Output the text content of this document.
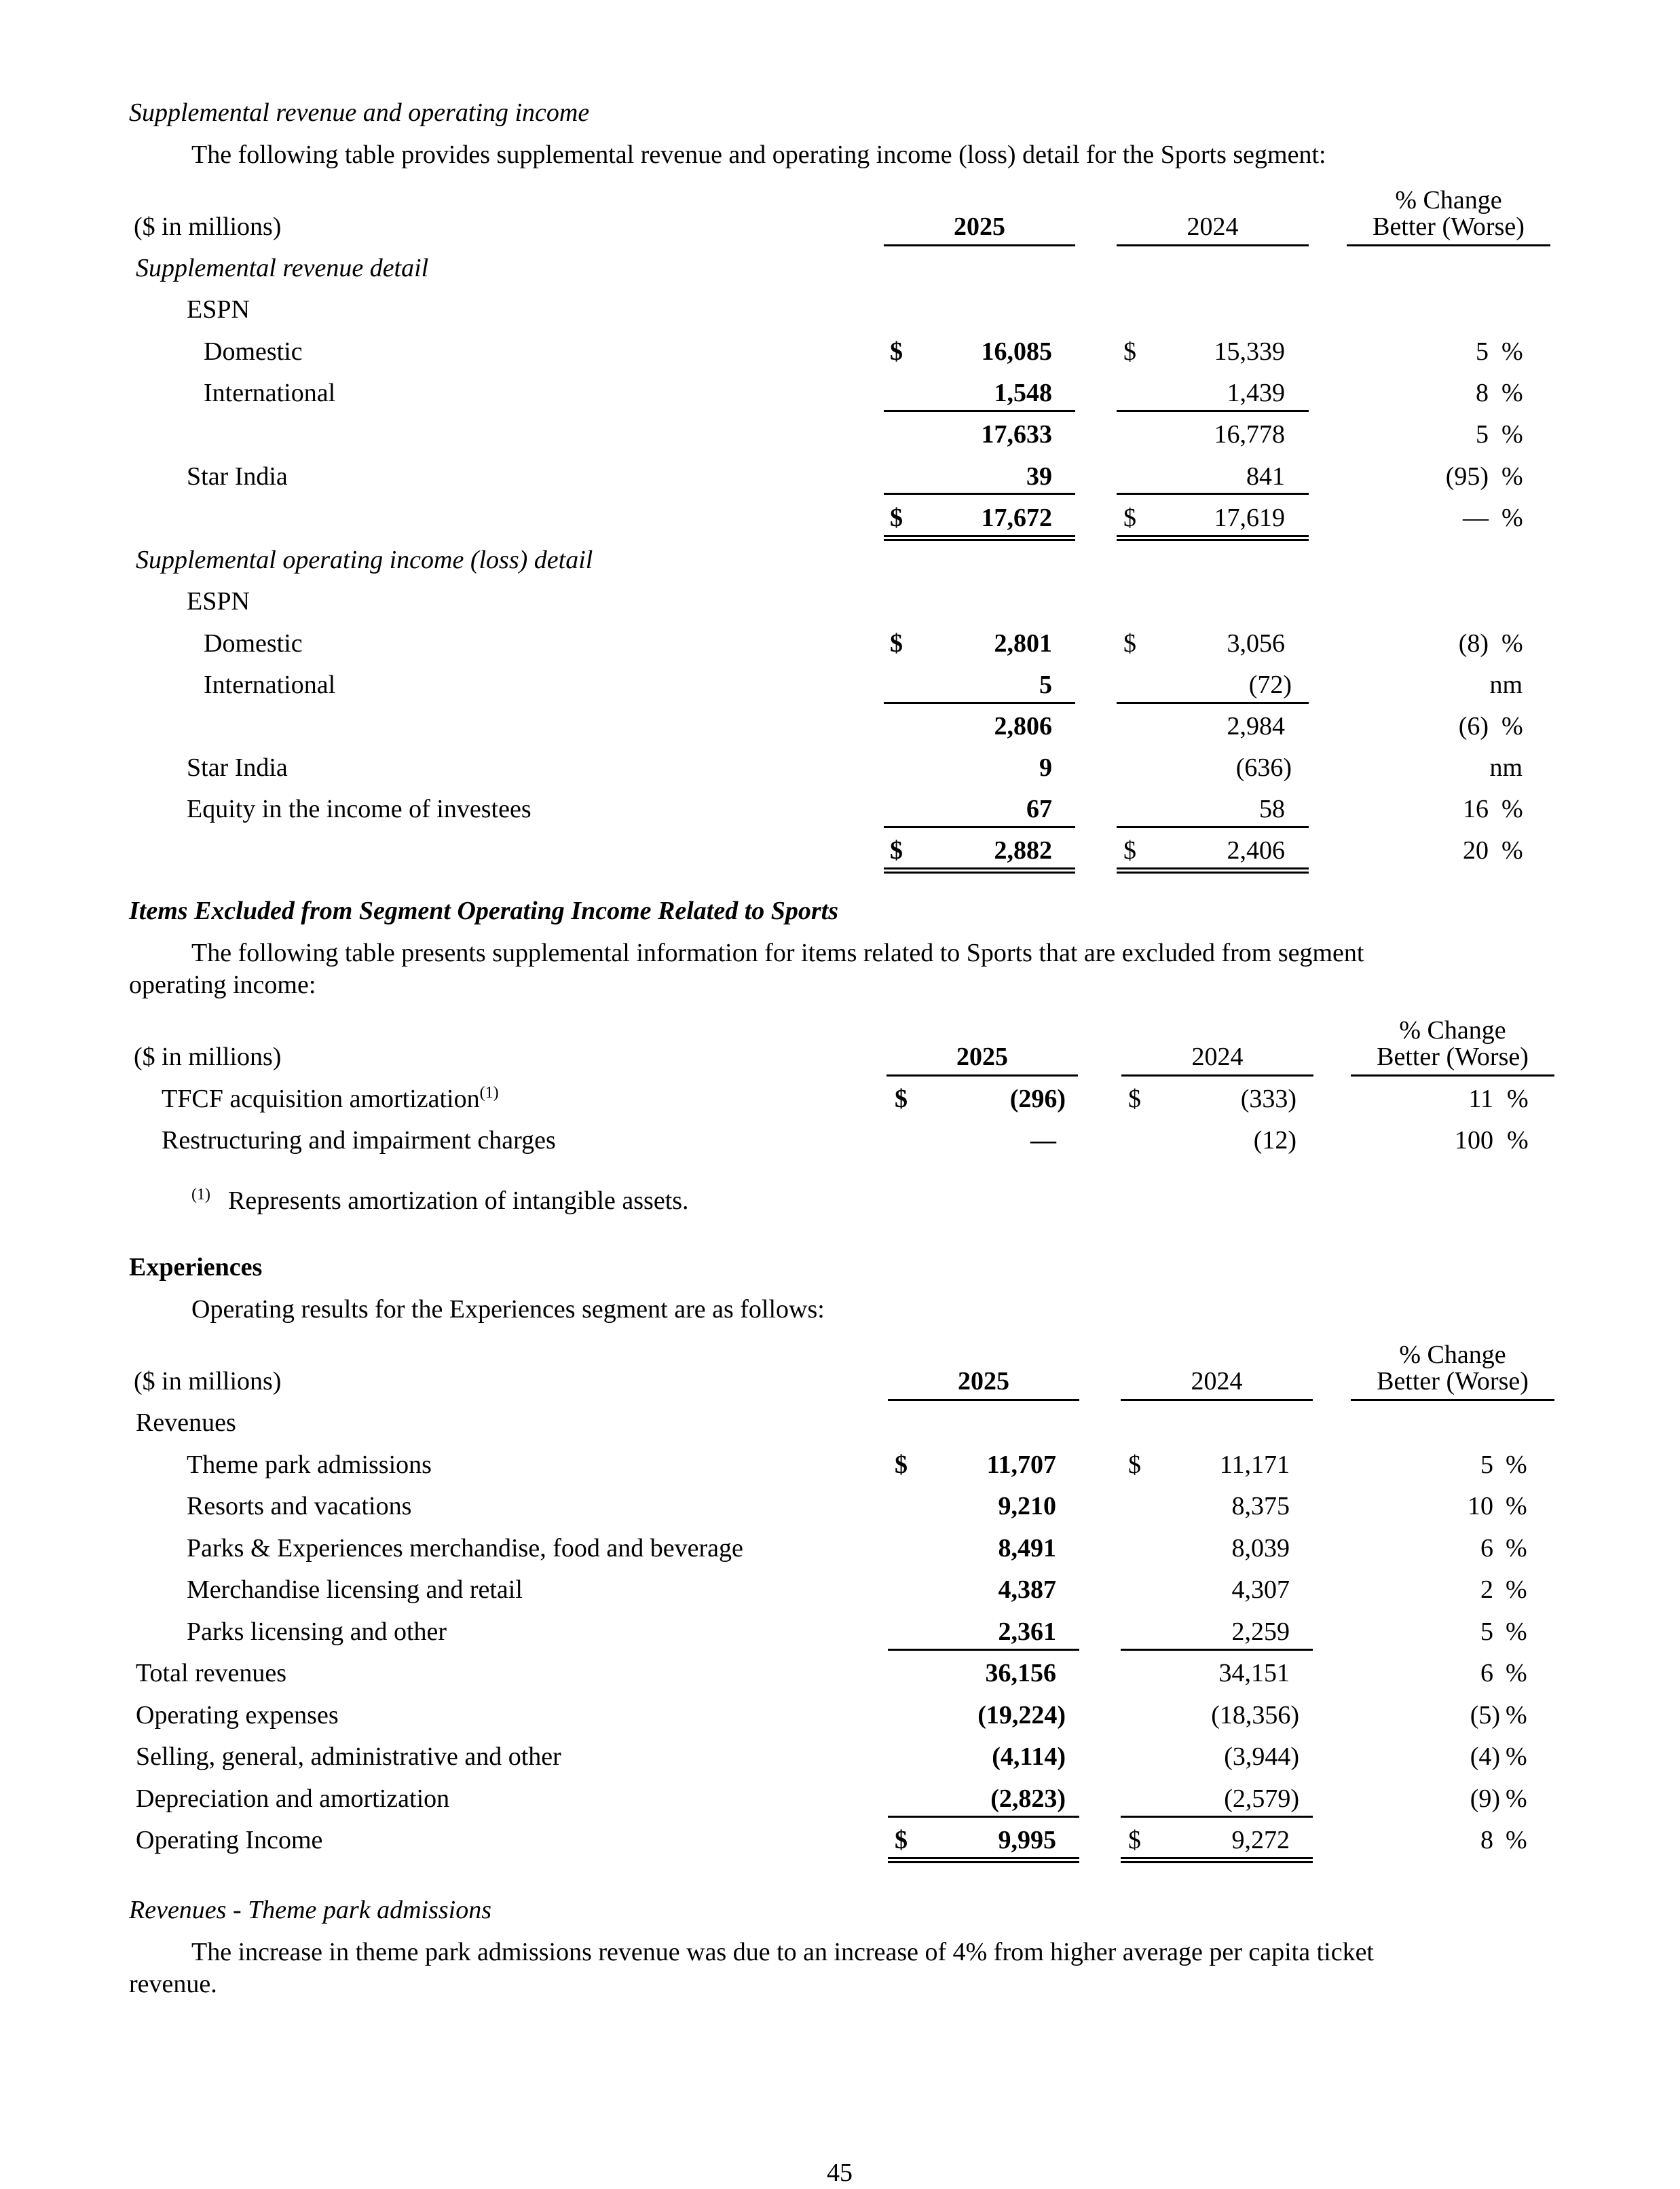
Supplemental revenue and operating income
The following table provides supplemental revenue and operating income (loss) detail for the Sports segment:
% Change
($ in millions)	2025	2024	Better (Worse)
Supplemental revenue detail
ESPN
Domestic	$	16,085	$	15,339	5 %
International	1,548	1,439	8 %
17,633	16,778	5 %
Star India	39	841	(95) %
$	17,672	$	17,619	— %
Supplemental operating income (loss) detail
ESPN
Domestic	$	2,801	$	3,056	(8) %
International	5	(72)	nm
2,806	2,984	(6) %
Star India	9	(636)	nm
Equity in the income of investees	67	58	16 %
$	2,882	$	2,406	20 %
Items Excluded from Segment Operating Income Related to Sports
The following table presents supplemental information for items related to Sports that are excluded from segment
operating income:
% Change
($ in millions)	2025	2024	Better (Worse)
TFCF acquisition amortization$^{(1)}$	$	(296) $	(333)	11 %
Restructuring and impairment charges	—	(12)	100 %
(1) Represents amortization of intangible assets.
Experiences
Operating results for the Experiences segment are as follows:
% Change
($ in millions)	2025	2024	Better (Worse)
Revenues
Theme park admissions	$	11,707	$	11,171	5 %
Resorts and vacations	9,210	8,375	10 %
Parks & Experiences merchandise, food and beverage	8,491	8,039	6 %
Merchandise licensing and retail	4,387	4,307	2 %
Parks licensing and other	2,361	2,259	5 %
Total revenues	36,156	34,151	6 %
Operating expenses	(19,224)	(18,356)	(5) %
Selling, general, administrative and other	(4,114)	(3,944)	(4) %
Depreciation and amortization	(2,823)	(2,579)	(9) %
Operating Income	$	9,995	$	9,272	8 %
Revenues - Theme park admissions
The increase in theme park admissions revenue was due to an increase of 4% from higher average per capita ticket
revenue.
45
